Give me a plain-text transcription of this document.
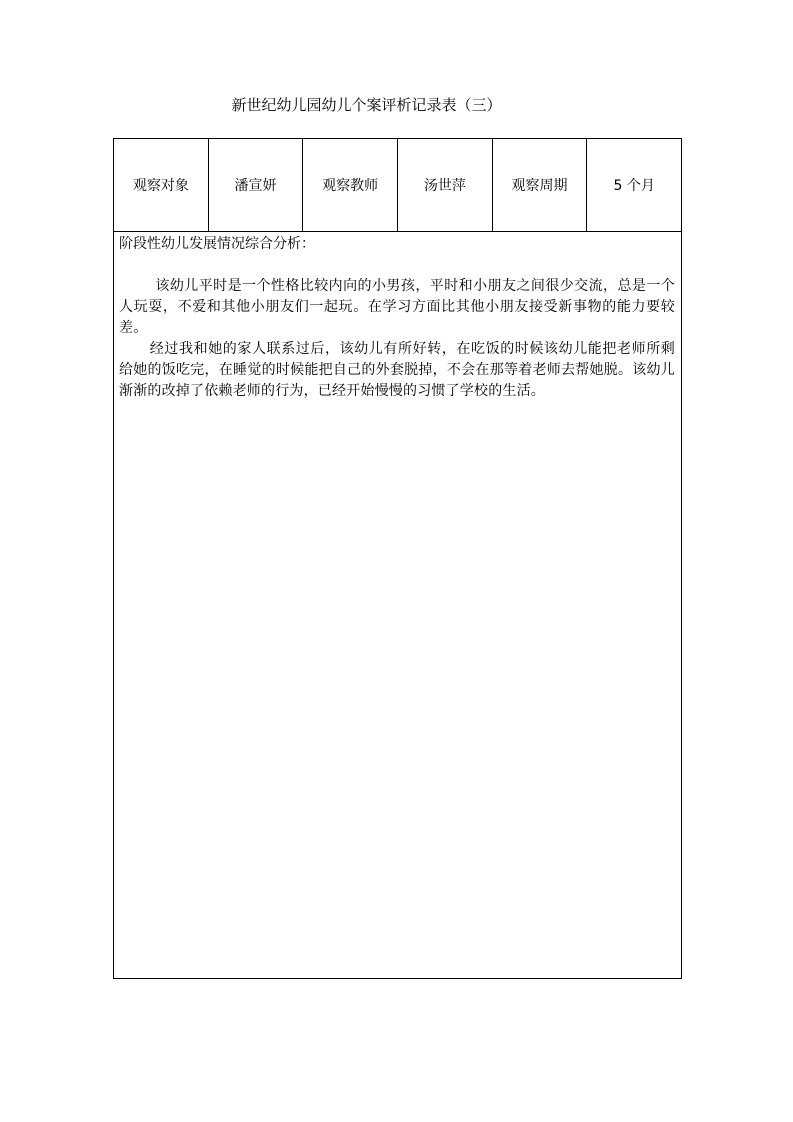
新世纪幼儿园幼儿个案评析记录表（三）
观察对象	潘宣妍	观察教师	汤世萍	观察周期	5 个月

阶段性幼儿发展情况综合分析：

该幼儿平时是一个性格比较内向的小男孩，平时和小朋友之间很少交流，总是一个人玩耍，不爱和其他小朋友们一起玩。在学习方面比其他小朋友接受新事物的能力要较差。

经过我和她的家人联系过后，该幼儿有所好转，在吃饭的时候该幼儿能把老师所剩给她的饭吃完，在睡觉的时候能把自己的外套脱掉，不会在那等着老师去帮她脱。该幼儿渐渐的改掉了依赖老师的行为，已经开始慢慢的习惯了学校的生活。
